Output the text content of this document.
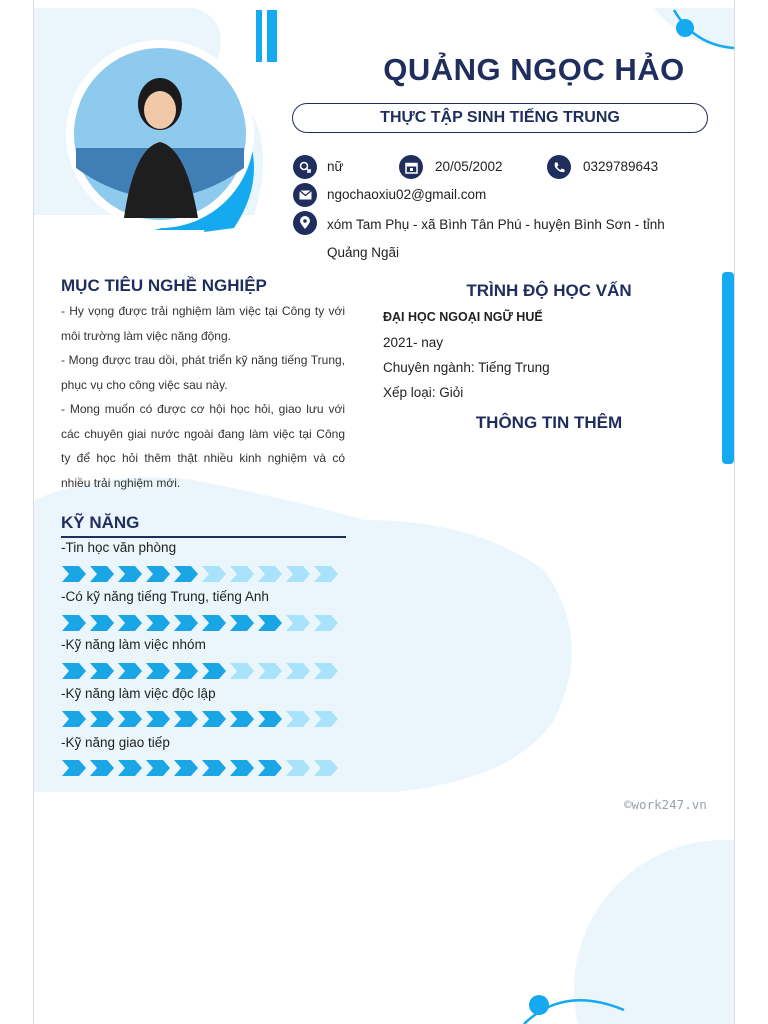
QUẢNG NGỌC HẢO
THỰC TẬP SINH TIẾNG TRUNG
nữ	20/05/2002	0329789643
ngochaoxiu02@gmail.com
xóm Tam Phụ - xã Bình Tân Phú - huyện Bình Sơn - tỉnh Quảng Ngãi
MỤC TIÊU NGHỀ NGHIỆP

- Hy vọng được trải nghiệm làm việc tại Công ty với môi trường làm việc năng động.

- Mong được trau dồi, phát triển kỹ năng tiếng Trung, phục vụ cho công việc sau này.

- Mong muốn có được cơ hội học hỏi, giao lưu với các chuyên giai nước ngoài đang làm việc tại Công ty để học hỏi thêm thật nhiều kinh nghiệm và có nhiều trải nghiệm mới.

TRÌNH ĐỘ HỌC VẤN
ĐẠI HỌC NGOẠI NGỮ HUẾ
2021- nay
Chuyên ngành: Tiếng Trung
Xếp loại: Giỏi
THÔNG TIN THÊM
KỸ NĂNG
-Tin học văn phòng
-Có kỹ năng tiếng Trung, tiếng Anh
-Kỹ năng làm việc nhóm
-Kỹ năng làm việc độc lập
-Kỹ năng giao tiếp
©work247.vn
